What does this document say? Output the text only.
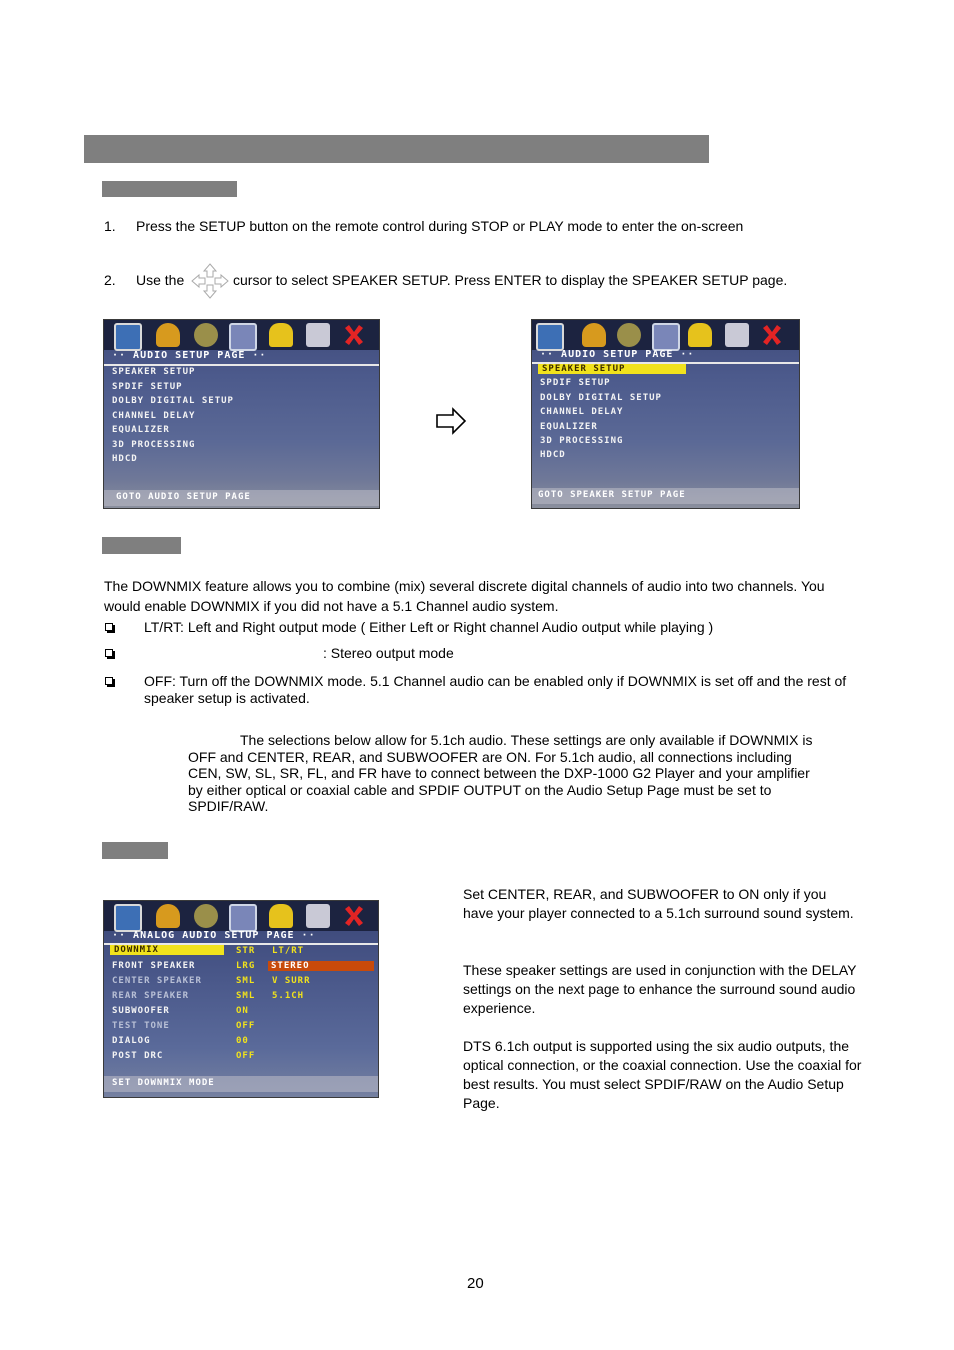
1. Press the SETUP button on the remote control during STOP or PLAY mode to enter the on-screen
2. Use the	cursor to select SPEAKER SETUP. Press ENTER to display the SPEAKER SETUP page.
·· AUDIO SETUP PAGE ··
SPEAKER SETUP
SPDIF SETUP
DOLBY DIGITAL SETUP
CHANNEL DELAY
EQUALIZER
3D PROCESSING
HDCD
GOTO AUDIO SETUP PAGE
·· AUDIO SETUP PAGE ··
SPEAKER SETUP
SPDIF SETUP
DOLBY DIGITAL SETUP
CHANNEL DELAY
EQUALIZER
3D PROCESSING
HDCD
GOTO SPEAKER SETUP PAGE
The DOWNMIX feature allows you to combine (mix) several discrete digital channels of audio into two channels. You would enable DOWNMIX if you did not have a 5.1 Channel audio system.
LT/RT: Left and Right output mode ( Either Left or Right channel Audio output while playing )
: Stereo output mode
OFF: Turn off the DOWNMIX mode. 5.1 Channel audio can be enabled only if DOWNMIX is set off and the rest of speaker setup is activated.
The selections below allow for 5.1ch audio. These settings are only available if DOWNMIX is OFF and CENTER, REAR, and SUBWOOFER are ON. For 5.1ch audio, all connections including CEN, SW, SL, SR, FL, and FR have to connect between the DXP-1000 G2 Player and your amplifier by either optical or coaxial cable and SPDIF OUTPUT on the Audio Setup Page must be set to SPDIF/RAW.
·· ANALOG AUDIO SETUP PAGE ··
DOWNMIX
FRONT SPEAKER
CENTER SPEAKER
REAR SPEAKER
SUBWOOFER
TEST TONE
DIALOG
POST DRC
STR
LRG
SML
SML
ON
OFF
00
OFF
LT/RT
STEREO
V SURR
5.1CH
SET DOWNMIX MODE
Set CENTER, REAR, and SUBWOOFER to ON only if you have your player connected to a 5.1ch surround sound system.
These speaker settings are used in conjunction with the DELAY settings on the next page to enhance the surround sound audio experience.
DTS 6.1ch output is supported using the six audio outputs, the optical connection, or the coaxial connection. Use the coaxial for best results. You must select SPDIF/RAW on the Audio Setup Page.
20
